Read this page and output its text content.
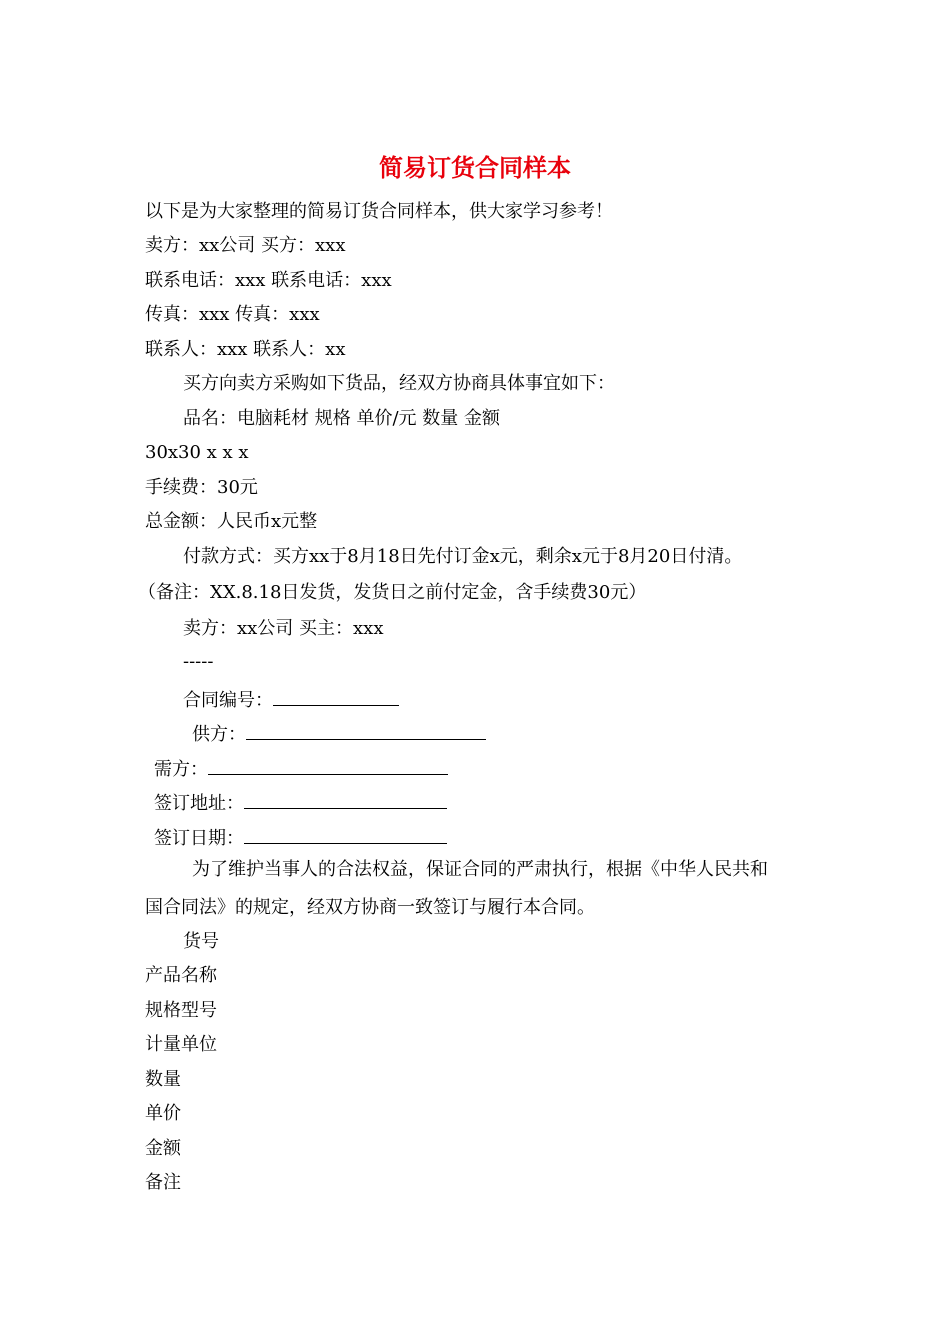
简易订货合同样本
以下是为大家整理的简易订货合同样本，供大家学习参考！
卖方：xx公司 买方：xxx
联系电话：xxx 联系电话：xxx
传真：xxx 传真：xxx
联系人：xxx 联系人：xx
买方向卖方采购如下货品，经双方协商具体事宜如下：
品名：电脑耗材 规格 单价/元 数量 金额
30x30 x x x
手续费：30元
总金额：人民币x元整
付款方式：买方xx于8月18日先付订金x元，剩余x元于8月20日付清。
（备注：XX.8.18日发货，发货日之前付定金，含手续费30元）
卖方：xx公司 买主：xxx
-----
合同编号：
供方：
需方：
签订地址：
签订日期：
为了维护当事人的合法权益，保证合同的严肃执行，根据《中华人民共和
国合同法》的规定，经双方协商一致签订与履行本合同。
货号
产品名称
规格型号
计量单位
数量
单价
金额
备注
